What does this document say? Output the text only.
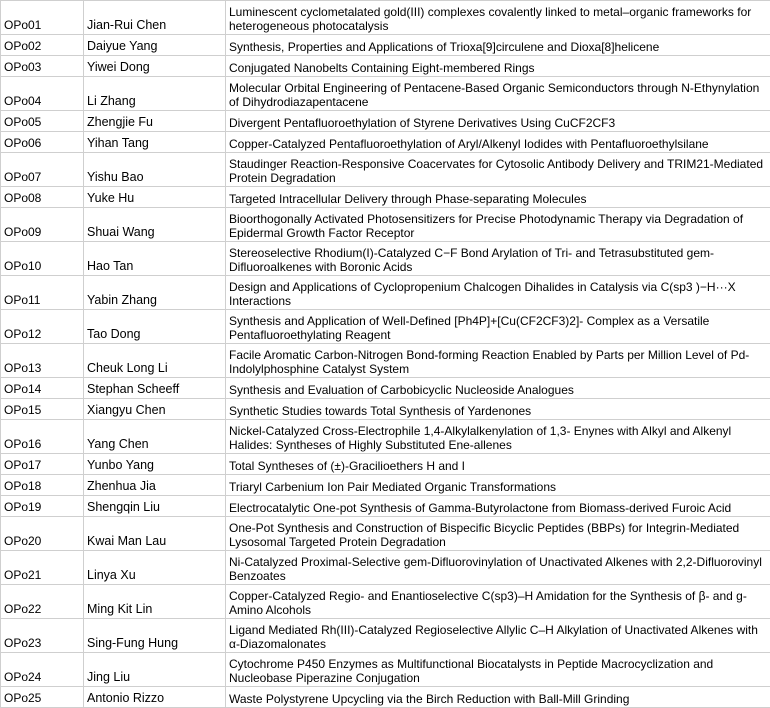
OPo01	Jian-Rui Chen	Luminescent cyclometalated gold(III) complexes covalently linked to metal–organic frameworks for heterogeneous photocatalysis
OPo02	Daiyue Yang	Synthesis, Properties and Applications of Trioxa[9]circulene and Dioxa[8]helicene
OPo03	Yiwei Dong	Conjugated Nanobelts Containing Eight-membered Rings
OPo04	Li Zhang	Molecular Orbital Engineering of Pentacene-Based Organic Semiconductors through N-Ethynylation of Dihydrodiazapentacene
OPo05	Zhengjie Fu	Divergent Pentafluoroethylation of Styrene Derivatives Using CuCF2CF3
OPo06	Yihan Tang	Copper-Catalyzed Pentafluoroethylation of Aryl/Alkenyl Iodides with Pentafluoroethylsilane
OPo07	Yishu Bao	Staudinger Reaction-Responsive Coacervates for Cytosolic Antibody Delivery and TRIM21-Mediated Protein Degradation
OPo08	Yuke Hu	Targeted Intracellular Delivery through Phase-separating Molecules
OPo09	Shuai Wang	Bioorthogonally Activated Photosensitizers for Precise Photodynamic Therapy via Degradation of Epidermal Growth Factor Receptor
OPo10	Hao Tan	Stereoselective Rhodium(I)-Catalyzed C−F Bond Arylation of Tri- and Tetrasubstituted gem-Difluoroalkenes with Boronic Acids
OPo11	Yabin Zhang	Design and Applications of Cyclopropenium Chalcogen Dihalides in Catalysis via C(sp3 )−H···X Interactions
OPo12	Tao Dong	Synthesis and Application of Well-Defined [Ph4P]+[Cu(CF2CF3)2]- Complex as a Versatile Pentafluoroethylating Reagent
OPo13	Cheuk Long Li	Facile Aromatic Carbon-Nitrogen Bond-forming Reaction Enabled by Parts per Million Level of Pd-Indolylphosphine Catalyst System
OPo14	Stephan Scheeff	Synthesis and Evaluation of Carbobicyclic Nucleoside Analogues
OPo15	Xiangyu Chen	Synthetic Studies towards Total Synthesis of Yardenones
OPo16	Yang Chen	Nickel-Catalyzed Cross-Electrophile 1,4-Alkylalkenylation of 1,3- Enynes with Alkyl and Alkenyl Halides: Syntheses of Highly Substituted Ene-allenes
OPo17	Yunbo Yang	Total Syntheses of (±)-Gracilioethers H and I
OPo18	Zhenhua Jia	Triaryl Carbenium Ion Pair Mediated Organic Transformations
OPo19	Shengqin Liu	Electrocatalytic One-pot Synthesis of Gamma-Butyrolactone from Biomass-derived Furoic Acid
OPo20	Kwai Man Lau	One-Pot Synthesis and Construction of Bispecific Bicyclic Peptides (BBPs) for Integrin-Mediated Lysosomal Targeted Protein Degradation
OPo21	Linya Xu	Ni-Catalyzed Proximal-Selective gem-Difluorovinylation of Unactivated Alkenes with 2,2-Difluorovinyl Benzoates
OPo22	Ming Kit Lin	Copper-Catalyzed Regio- and Enantioselective C(sp3)–H Amidation for the Synthesis of β- and g-Amino Alcohols
OPo23	Sing-Fung Hung	Ligand Mediated Rh(III)-Catalyzed Regioselective Allylic C–H Alkylation of Unactivated Alkenes with α-Diazomalonates
OPo24	Jing Liu	Cytochrome P450 Enzymes as Multifunctional Biocatalysts in Peptide Macrocyclization and Nucleobase Piperazine Conjugation
OPo25	Antonio Rizzo	Waste Polystyrene Upcycling via the Birch Reduction with Ball-Mill Grinding
